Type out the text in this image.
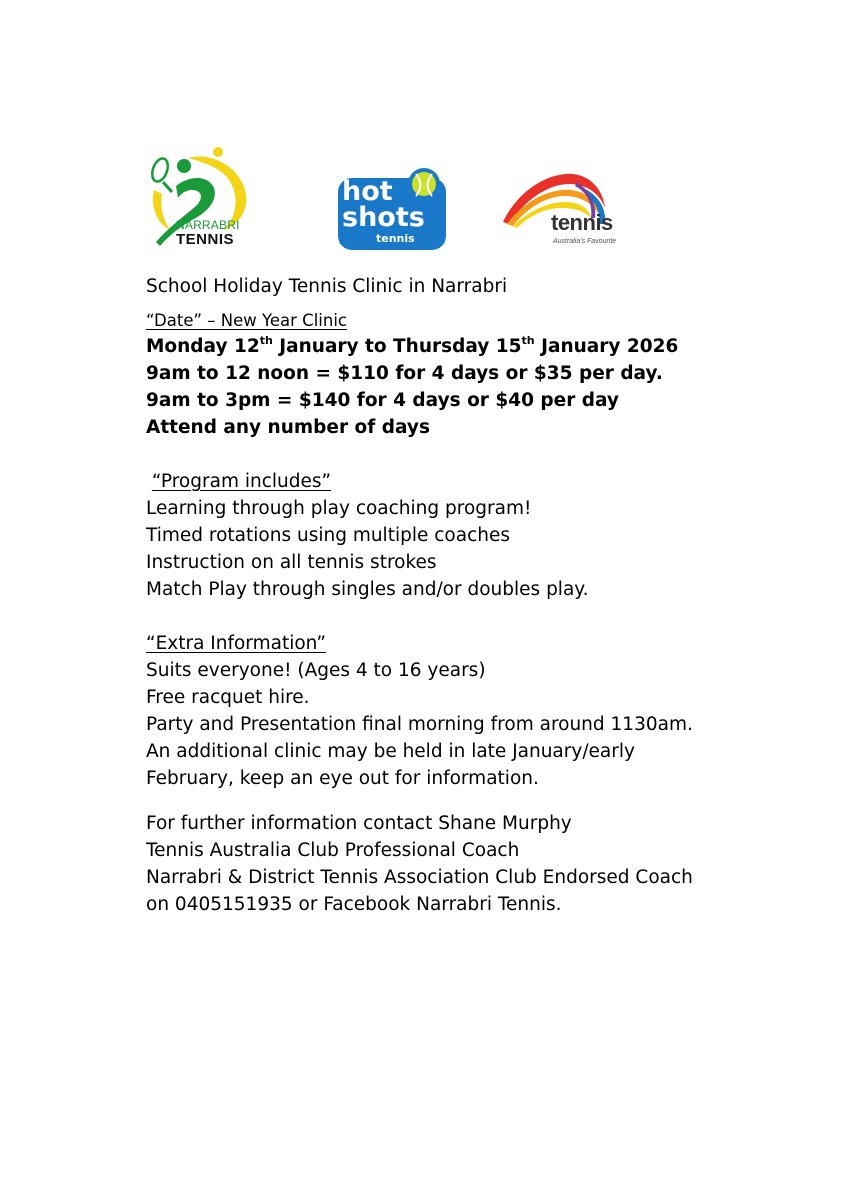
NARRABRI
TENNIS
hot
shots
tennis
tennis
Australia's Favourite

School Holiday Tennis Clinic in Narrabri

“Date” – New Year Clinic

Monday 12th January to Thursday 15th January 2026

9am to 12 noon = $110 for 4 days or $35 per day.

9am to 3pm = $140 for 4 days or $40 per day

Attend any number of days

“Program includes”

Learning through play coaching program!

Timed rotations using multiple coaches

Instruction on all tennis strokes

Match Play through singles and/or doubles play.

“Extra Information”

Suits everyone! (Ages 4 to 16 years)

Free racquet hire.

Party and Presentation final morning from around 1130am.

An additional clinic may be held in late January/early

February, keep an eye out for information.

For further information contact Shane Murphy

Tennis Australia Club Professional Coach

Narrabri & District Tennis Association Club Endorsed Coach

on 0405151935 or Facebook Narrabri Tennis.
